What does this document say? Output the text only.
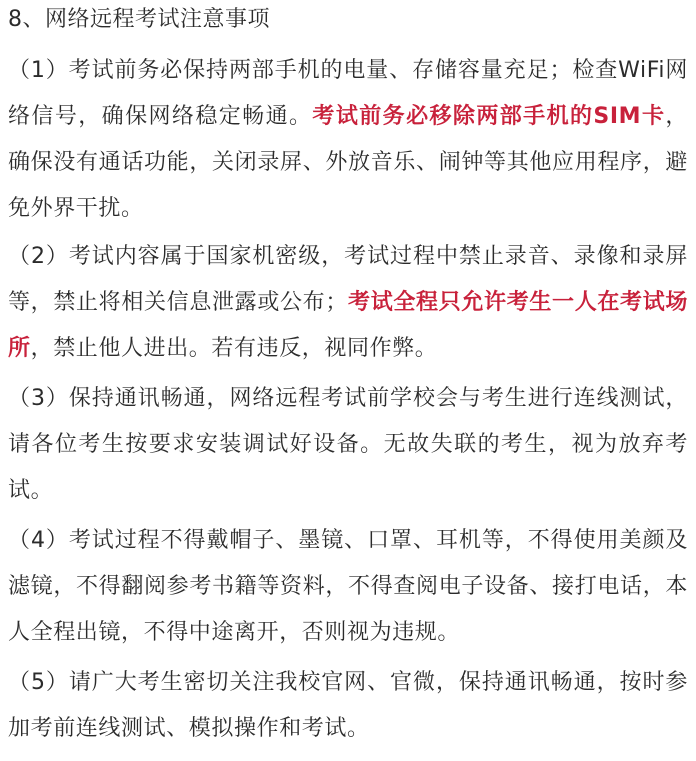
8、网络远程考试注意事项

（1）考试前务必保持两部手机的电量、存储容量充足；检查WiFi网络信号，确保网络稳定畅通。考试前务必移除两部手机的SIM卡，确保没有通话功能，关闭录屏、外放音乐、闹钟等其他应用程序，避免外界干扰。

（2）考试内容属于国家机密级，考试过程中禁止录音、录像和录屏等，禁止将相关信息泄露或公布；考试全程只允许考生一人在考试场所，禁止他人进出。若有违反，视同作弊。

（3）保持通讯畅通，网络远程考试前学校会与考生进行连线测试，请各位考生按要求安装调试好设备。无故失联的考生，视为放弃考试。

（4）考试过程不得戴帽子、墨镜、口罩、耳机等，不得使用美颜及滤镜，不得翻阅参考书籍等资料，不得查阅电子设备、接打电话，本人全程出镜，不得中途离开，否则视为违规。

（5）请广大考生密切关注我校官网、官微，保持通讯畅通，按时参加考前连线测试、模拟操作和考试。
